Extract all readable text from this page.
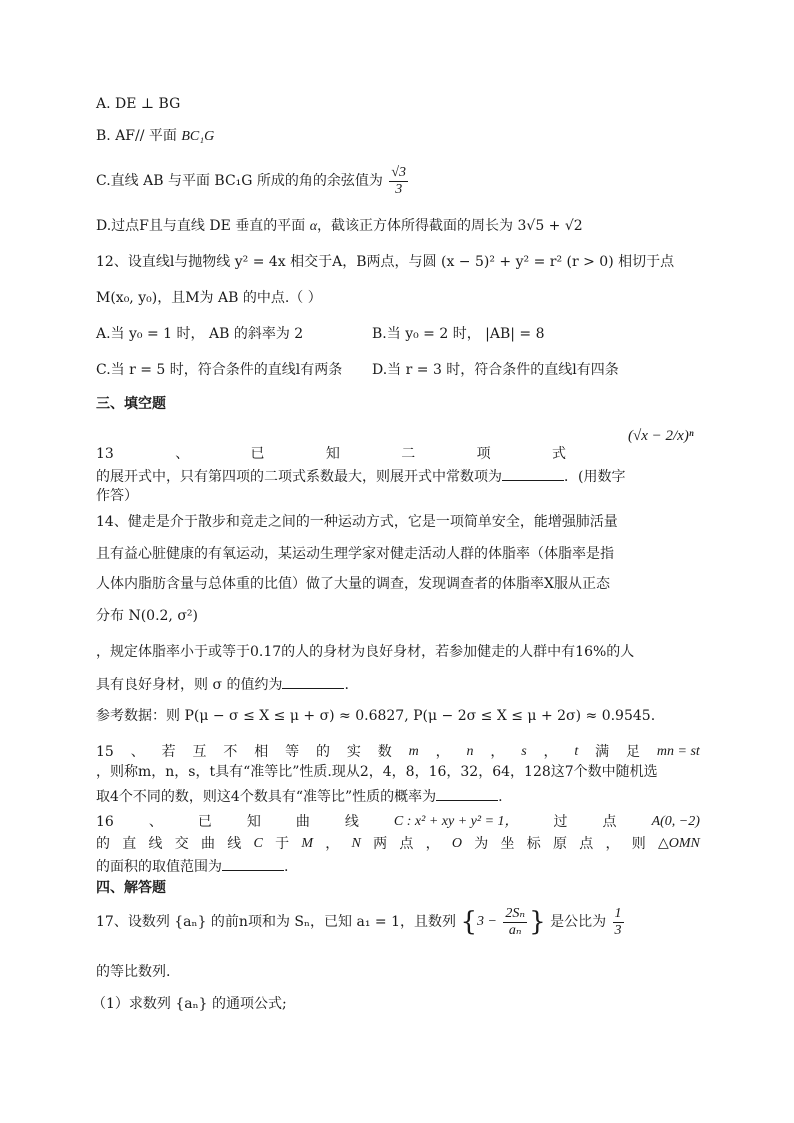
A. DE ⊥ BG
B. AF// 平面 BC₁G
C.直线 AB 与平面 BC₁G 所成的角的余弦值为 $\frac{√3}{3}$
D.过点F且与直线 DE 垂直的平面 α，截该正方体所得截面的周长为 3√5 + √2
12、设直线l与抛物线 y² = 4x 相交于A，B两点，与圆 (x − 5)² + y² = r² (r > 0) 相切于点
M(x₀, y₀)，且M为 AB 的中点.（ ）
A.当 y₀ = 1 时， AB 的斜率为 2	B.当 y₀ = 2 时， |AB| = 8
C.当 r = 5 时，符合条件的直线l有两条 D.当 r = 3 时，符合条件的直线l有四条
三、填空题
13	、	已	知	二	项	式
(√x − 2/x)ⁿ
的展开式中，只有第四项的二项式系数最大，则展开式中常数项为	．(用数字
作答）
14、健走是介于散步和竞走之间的一种运动方式，它是一项简单安全，能增强肺活量
且有益心脏健康的有氧运动，某运动生理学家对健走活动人群的体脂率（体脂率是指
人体内脂肪含量与总体重的比值）做了大量的调查，发现调查者的体脂率X服从正态
分布 N(0.2, σ²)
，规定体脂率小于或等于0.17的人的身材为良好身材，若参加健走的人群中有16%的人
具有良好身材，则 σ 的值约为	.
参考数据：则 P(μ − σ ≤ X ≤ μ + σ) ≈ 0.6827, P(μ − 2σ ≤ X ≤ μ + 2σ) ≈ 0.9545.
15 、 若 互 不 相 等 的 实 数 m ， n ， s ， t 满 足 mn = st
，则称m，n，s，t具有“准等比”性质.现从2，4，8，16，32，64，128这7个数中随机选
取4个不同的数，则这4个数具有“准等比”性质的概率为	.
16	、	已	知	曲	线	C : x² + xy + y² = 1，	过	点	A(0, −2)
的 直 线 交 曲 线 C 于 M ， N 两 点 ， O 为 坐 标 原 点 ， 则 △OMN
的面积的取值范围为	.
四、解答题
17、设数列 {aₙ} 的前n项和为 Sₙ，已知 a₁ = 1，且数列 {$3 - \frac{\text{2Sₙ}}{\text{aₙ}}$ } 是公比为 $\frac{1}{3}$
的等比数列.
（1）求数列 {aₙ} 的通项公式;
